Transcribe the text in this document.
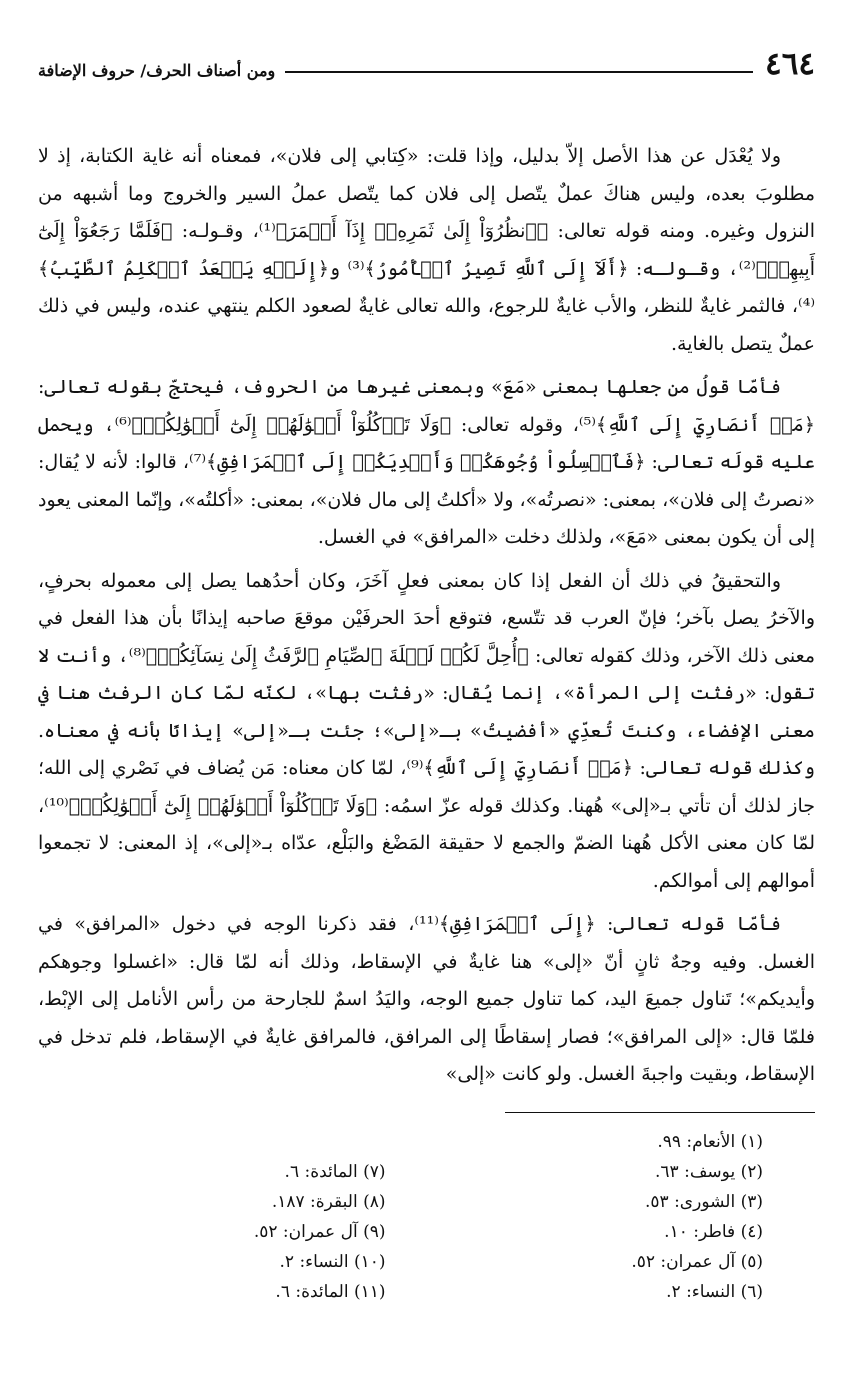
٤٦٤
ومن أصناف الحرف/ حروف الإضافة

ولا يُعْدَل عن هذا الأصل إلاّ بدليل، وإذا قلت: «كِتابي إلى فلان»، فمعناه أنه غاية الكتابة، إذ لا مطلوبَ بعده، وليس هناكَ عملٌ يتّصل إلى فلان كما يتّصل عملُ السير والخروج وما أشبهه من النزول وغيره. ومنه قوله تعالى: ﴿ٱنظُرُوٓاْ إِلَىٰ ثَمَرِهِۦٓ إِذَآ أَثۡمَرَ﴾⁽¹⁾، وقـولـه: ﴿فَلَمَّا رَجَعُوٓاْ إِلَىٰٓ أَبِيهِمۡ﴾⁽²⁾، وقـولـه: ﴿أَلَآ إِلَى ٱللَّهِ تَصِيرُ ٱلۡأُمُورُ﴾⁽³⁾ و﴿إِلَيۡهِ يَصۡعَدُ ٱلۡكَلِمُ ٱلطَّيِّبُ﴾⁽⁴⁾، فالثمر غايةٌ للنظر، والأب غايةٌ للرجوع، والله تعالى غايةٌ لصعود الكلم ينتهي عنده، وليس في ذلك عملٌ يتصل بالغاية.

فأمّا قولُ من جعلها بمعنى «مَعَ» وبمعنى غيرها من الحروف، فيحتجّ بقوله تعالى: ﴿مَنۡ أَنصَارِيٓ إِلَى ٱللَّهِ﴾⁽⁵⁾، وقوله تعالى: ﴿وَلَا تَأۡكُلُوٓاْ أَمۡوَٰلَهُمۡ إِلَىٰٓ أَمۡوَٰلِكُمۡ﴾⁽⁶⁾، ويحمل عليه قولَه تعالى: ﴿فَٱغۡسِلُواْ وُجُوهَكُمۡ وَأَيۡدِيَكُمۡ إِلَى ٱلۡمَرَافِقِ﴾⁽⁷⁾، قالوا: لأنه لا يُقال: «نصرتُ إلى فلان»، بمعنى: «نصرتُه»، ولا «أكلتُ إلى مال فلان»، بمعنى: «أكلتُه»، وإنّما المعنى يعود إلى أن يكون بمعنى «مَعَ»، ولذلك دخلت «المرافق» في الغسل.

والتحقيقُ في ذلك أن الفعل إذا كان بمعنى فعلٍ آخَرَ، وكان أحدُهما يصل إلى معموله بحرفٍ، والآخرُ يصل بآخر؛ فإنّ العرب قد تتّسع، فتوقع أحدَ الحرفَيْن موقعَ صاحبه إيذانًا بأن هذا الفعل في معنى ذلك الآخر، وذلك كقوله تعالى: ﴿أُحِلَّ لَكُمۡ لَيۡلَةَ ٱلصِّيَامِ ٱلرَّفَثُ إِلَىٰ نِسَآئِكُمۡ﴾⁽⁸⁾، وأنت لا تقول: «رفثت إلى المرأة»، إنما يُقال: «رفثت بها»، لكنّه لمّا كان الرفث هنا في معنى الإفضاء، وكنتَ تُعدِّي «أفضيتُ» بـ«إلى»؛ جئت بـ«إلى» إيذانًا بأنه في معناه. وكذلك قوله تعالى: ﴿مَنۡ أَنصَارِيٓ إِلَى ٱللَّهِ﴾⁽⁹⁾، لمّا كان معناه: مَن يُضاف في نَصْري إلى الله؛ جاز لذلك أن تأتي بـ«إلى» هُهنا. وكذلك قوله عزّ اسمُه: ﴿وَلَا تَأۡكُلُوٓاْ أَمۡوَٰلَهُمۡ إِلَىٰٓ أَمۡوَٰلِكُمۡ﴾⁽¹⁰⁾، لمّا كان معنى الأكل هُهنا الضمّ والجمع لا حقيقة المَضْغ والبَلْع، عدّاه بـ«إلى»، إذ المعنى: لا تجمعوا أموالهم إلى أموالكم.

فأمّا قوله تعالى: ﴿إِلَى ٱلۡمَرَافِقِ﴾⁽¹¹⁾، فقد ذكرنا الوجه في دخول «المرافق» في الغسل. وفيه وجهٌ ثانٍ أنّ «إلى» هنا غايةٌ في الإسقاط، وذلك أنه لمّا قال: «اغسلوا وجوهكم وأيديكم»؛ تَناول جميعَ اليد، كما تناول جميع الوجه، واليَدُ اسمٌ للجارحة من رأس الأنامل إلى الإبْط، فلمّا قال: «إلى المرافق»؛ فصار إسقاطًا إلى المرافق، فالمرافق غايةٌ في الإسقاط، فلم تدخل في الإسقاط، وبقيت واجبةَ الغسل. ولو كانت «إلى»

(١) الأنعام: ٩٩.
(٢) يوسف: ٦٣.
(٣) الشورى: ٥٣.
(٤) فاطر: ١٠.
(٥) آل عمران: ٥٢.
(٦) النساء: ٢.
(٧) المائدة: ٦.
(٨) البقرة: ١٨٧.
(٩) آل عمران: ٥٢.
(١٠) النساء: ٢.
(١١) المائدة: ٦.
